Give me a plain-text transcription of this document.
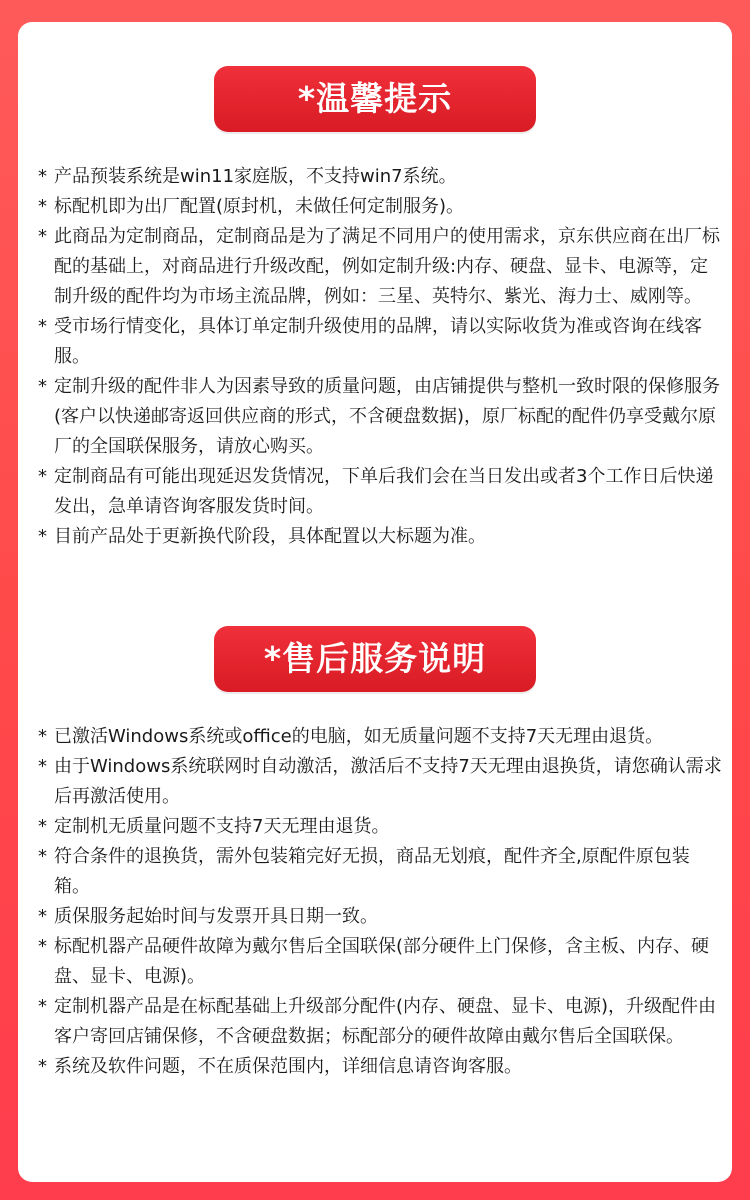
*温馨提示
* 产品预装系统是win11家庭版，不支持win7系统。
* 标配机即为出厂配置(原封机，未做任何定制服务)。
* 此商品为定制商品，定制商品是为了满足不同用户的使用需求，京东供应商在出厂标配的基础上，对商品进行升级改配，例如定制升级:内存、硬盘、显卡、电源等，定制升级的配件均为市场主流品牌，例如：三星、英特尔、紫光、海力士、威刚等。
* 受市场行情变化，具体订单定制升级使用的品牌，请以实际收货为准或咨询在线客服。
* 定制升级的配件非人为因素导致的质量问题，由店铺提供与整机一致时限的保修服务(客户以快递邮寄返回供应商的形式，不含硬盘数据)，原厂标配的配件仍享受戴尔原厂的全国联保服务，请放心购买。
* 定制商品有可能出现延迟发货情况，下单后我们会在当日发出或者3个工作日后快递发出，急单请咨询客服发货时间。
* 目前产品处于更新换代阶段，具体配置以大标题为准。
*售后服务说明
* 已激活Windows系统或office的电脑，如无质量问题不支持7天无理由退货。
* 由于Windows系统联网时自动激活，激活后不支持7天无理由退换货，请您确认需求后再激活使用。
* 定制机无质量问题不支持7天无理由退货。
* 符合条件的退换货，需外包装箱完好无损，商品无划痕，配件齐全,原配件原包装箱。
* 质保服务起始时间与发票开具日期一致。
* 标配机器产品硬件故障为戴尔售后全国联保(部分硬件上门保修，含主板、内存、硬盘、显卡、电源)。
* 定制机器产品是在标配基础上升级部分配件(内存、硬盘、显卡、电源)，升级配件由客户寄回店铺保修，不含硬盘数据；标配部分的硬件故障由戴尔售后全国联保。
* 系统及软件问题，不在质保范围内，详细信息请咨询客服。
